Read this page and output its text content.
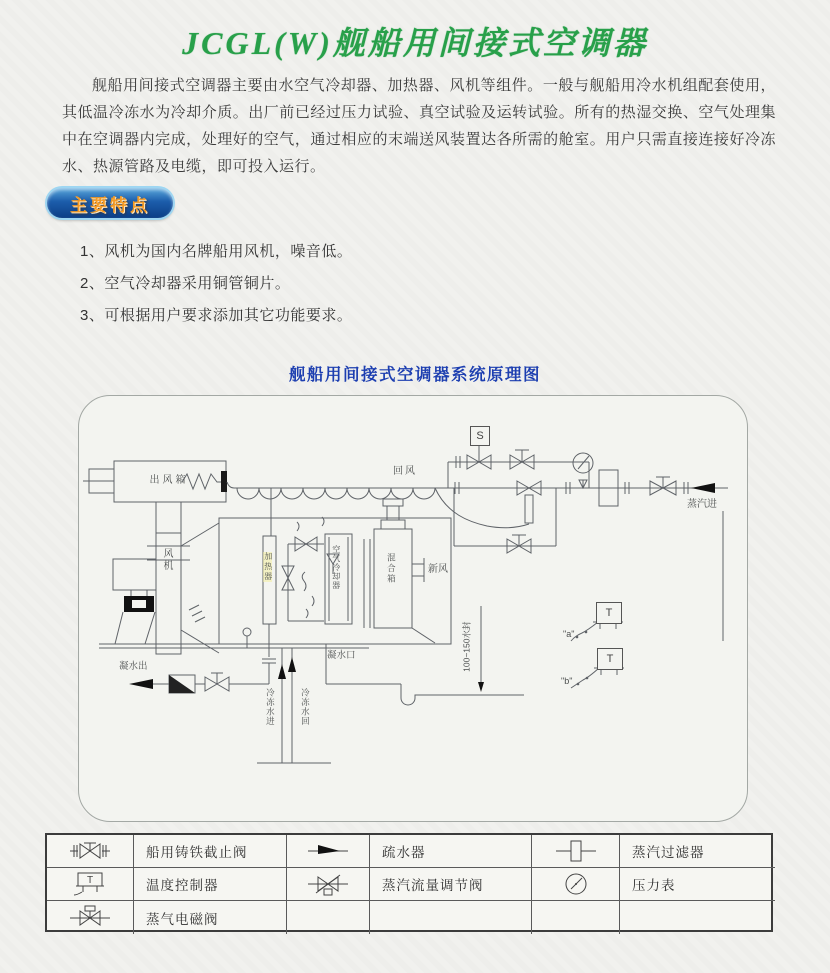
JCGL(W)舰船用间接式空调器
舰船用间接式空调器主要由水空气冷却器、加热器、风机等组件。一般与舰船用冷水机组配套使用，其低温冷冻水为冷却介质。出厂前已经过压力试验、真空试验及运转试验。所有的热湿交换、空气处理集中在空调器内完成，处理好的空气，通过相应的末端送风装置达各所需的舱室。用户只需直接连接好冷冻水、热源管路及电缆，即可投入运行。
主要特点
1、风机为国内名牌船用风机，噪音低。
2、空气冷却器采用铜管铜片。
3、可根据用户要求添加其它功能要求。
舰船用间接式空调器系统原理图
出风箱
风机	加热器	空气冷却器	混合箱	新风
回风
蒸汽进
S
T
T
"a"
"b"
凝水出
凝水口	100~150水封
冷冻水进	冷冻水回
船用铸铁截止阀	疏水器	蒸汽过滤器
T	温度控制器	蒸汽流量调节阀	压力表
蒸气电磁阀
